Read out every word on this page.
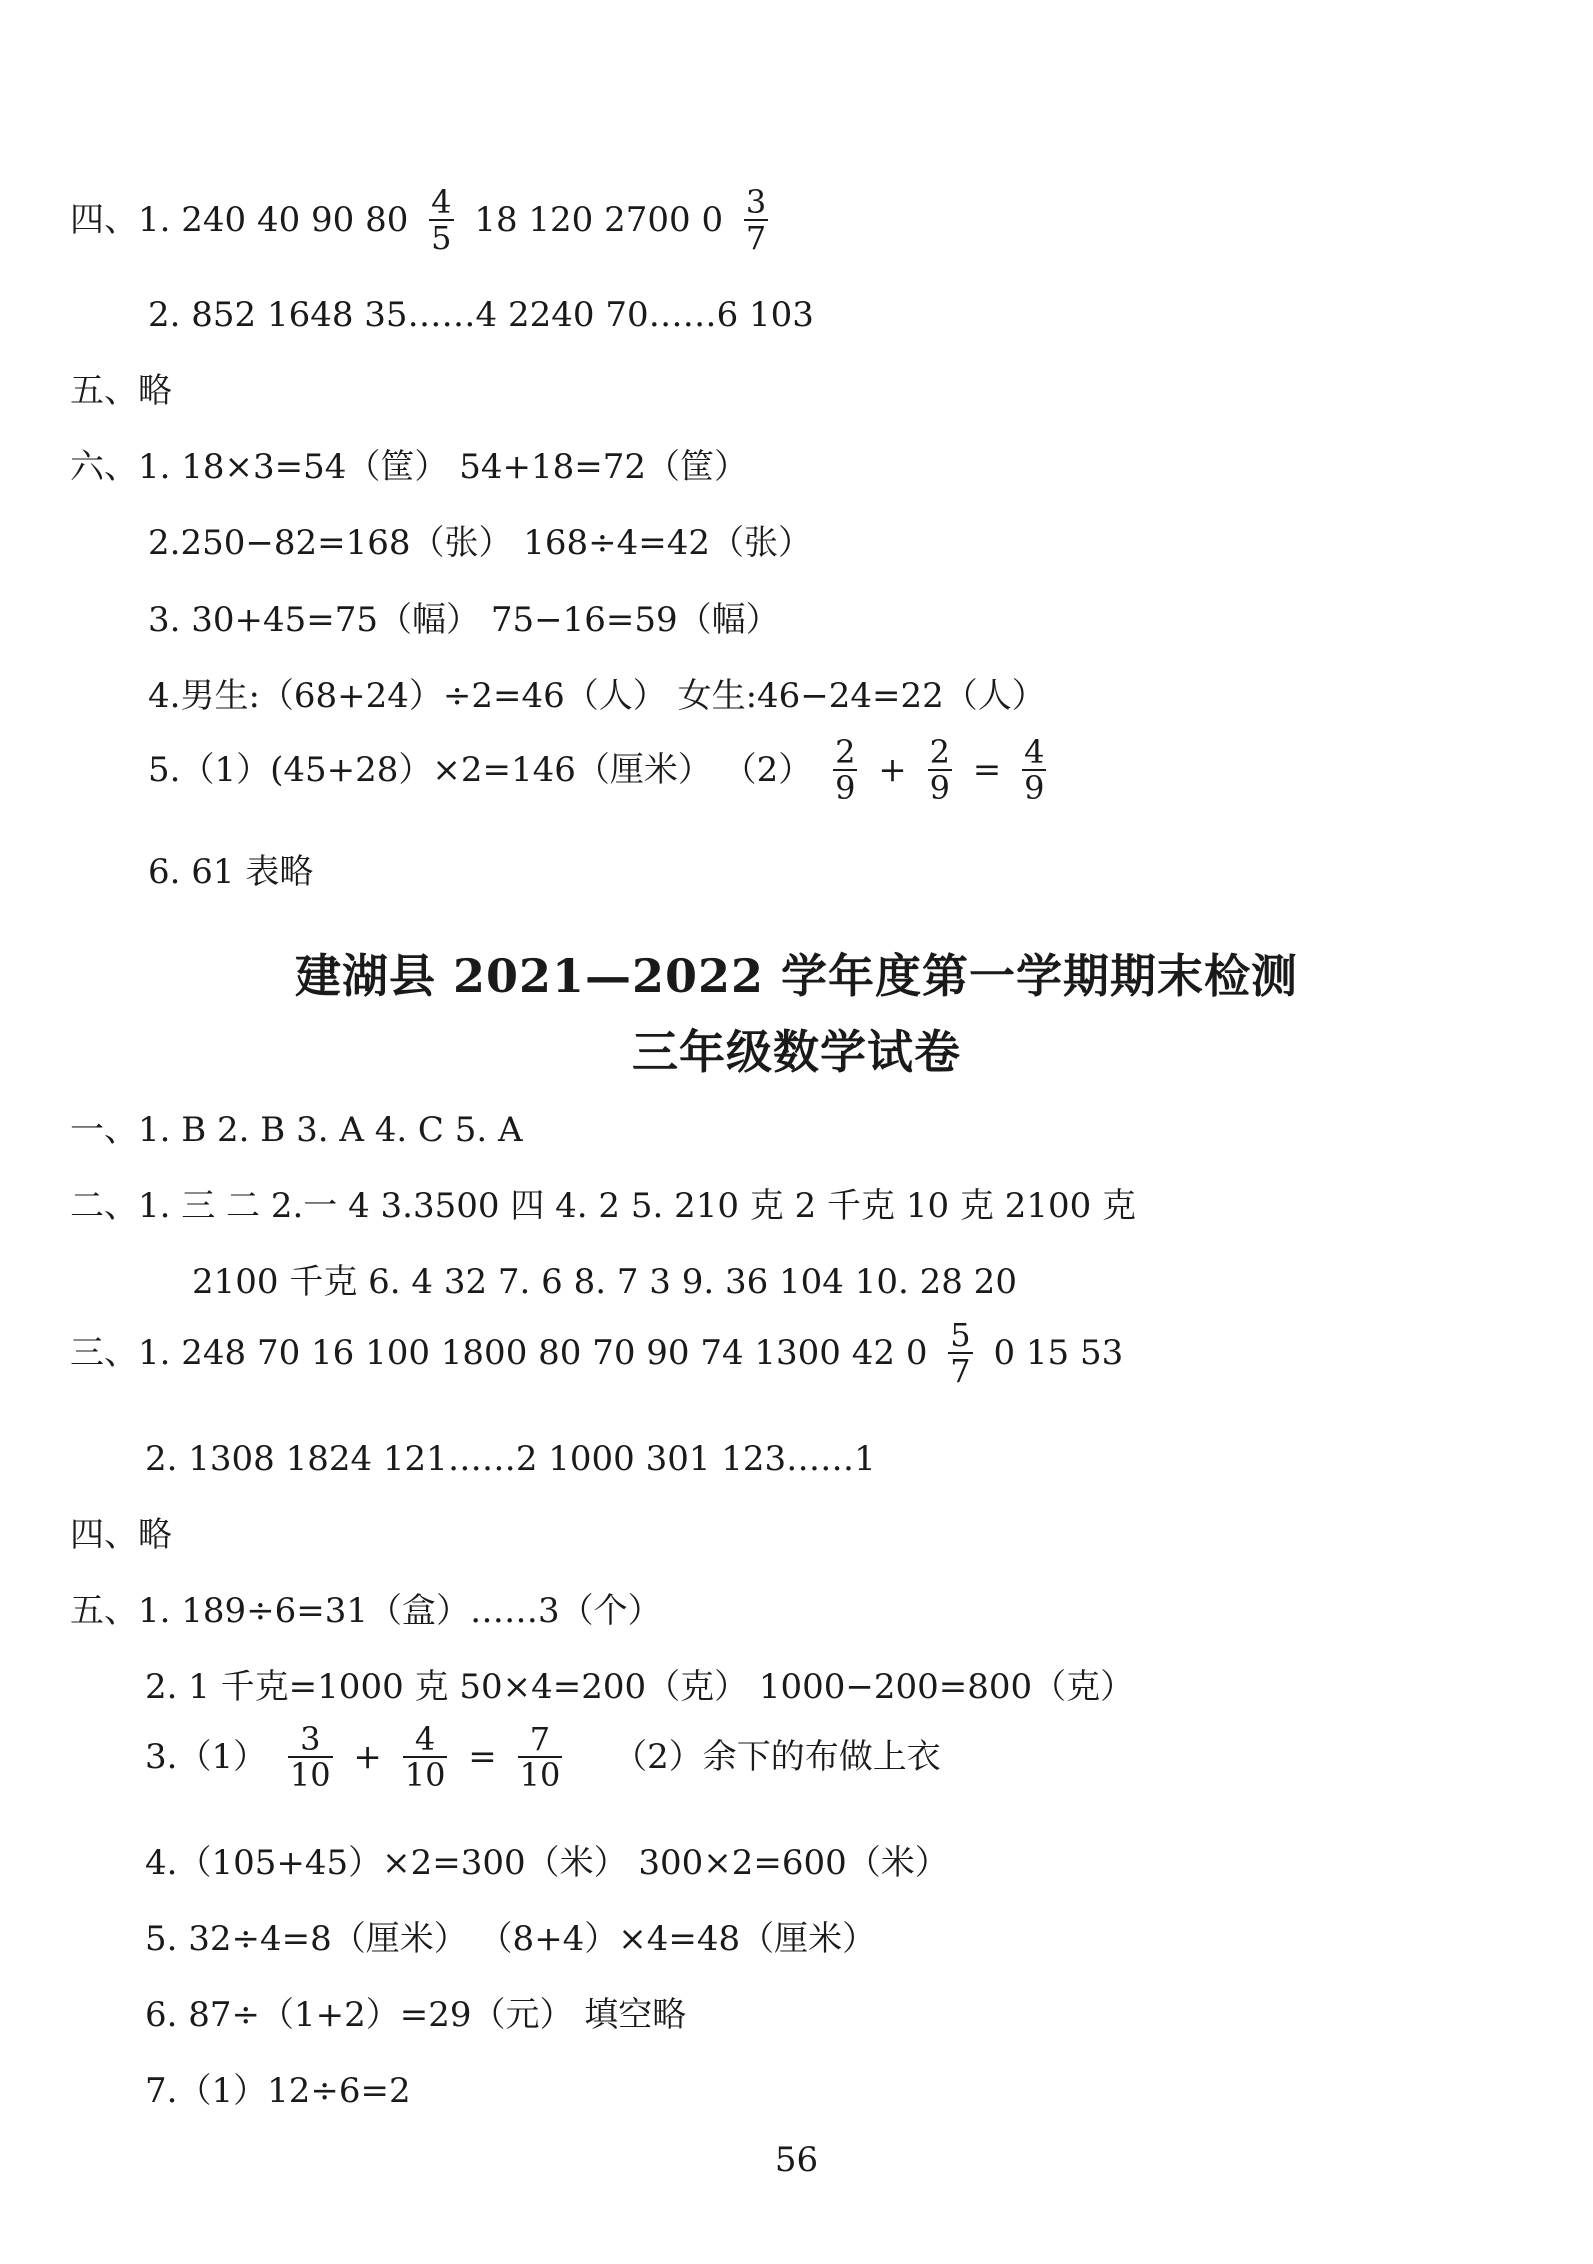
四、1. 240 40 90 $80 \frac{4}{5} 18$ 120 2700 $0 \frac{3}{7}$
2. 852 1648 35……4 2240 70……6 103
五、略
六、1. 18×3=54（筐） 54+18=72（筐）
2.250−82=168（张） 168÷4=42（张）
3. 30+45=75（幅） 75−16=59（幅）
4.男生:（68+24）÷2=46（人） 女生:46−24=22（人）
5.（1）(45+28）×2=146（厘米） $(2) \frac{2}{9} + \frac{2}{9} = \frac{4}{9}$
6. 61 表略
建湖县 2021—2022 学年度第一学期期末检测
三年级数学试卷
一、1. B 2. B 3. A 4. C 5. A
二、1. 三 二 2.一 4 3.3500 四 4. 2 5. 210 克 2 千克 10 克 2100 克
2100 千克 6. 4 32 7. 6 8. 7 3 9. 36 104 10. 28 20
三、1. 248 70 16 100 1800 80 70 90 74 1300 42 $0 \frac{5}{7} 0$ 15 53
2. 1308 1824 121……2 1000 301 123……1
四、略
五、1. 189÷6=31（盒）……3（个）
2. 1 千克=1000 克 50×4=200（克） 1000−200=800（克）
$3.(1) \frac{3}{10} + \frac{4}{10} = \frac{7}{10} (2)$余下的布做上衣
4.（105+45）×2=300（米） 300×2=600（米）
5. 32÷4=8（厘米） （8+4）×4=48（厘米）
6. 87÷（1+2）=29（元） 填空略
7.（1）12÷6=2
56
